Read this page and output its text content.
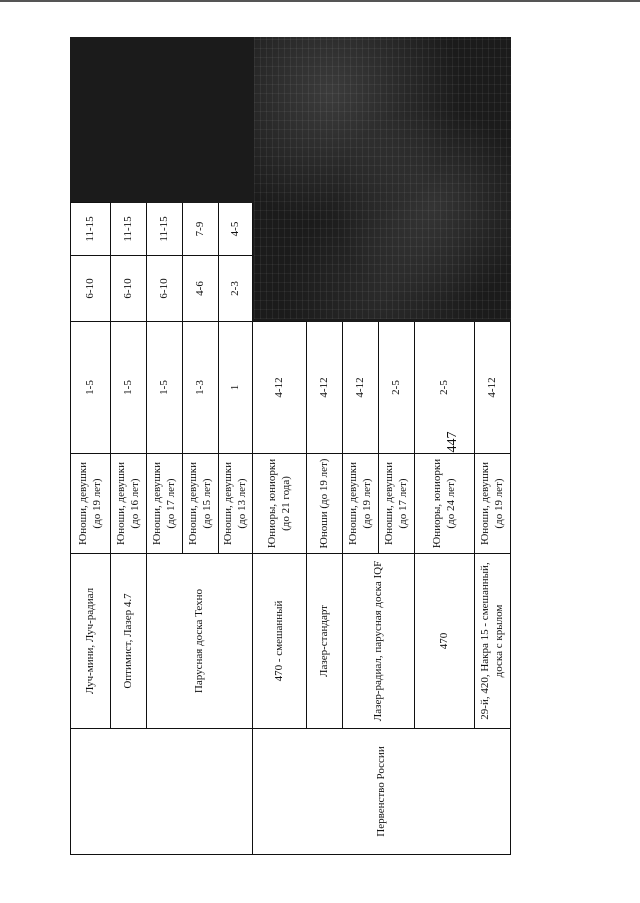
447
	Луч-мини, Луч-радиал	Юноши, девушки (до 19 лет)	1-5	6-10	11-15	
	Оптимист, Лазер 4.7	Юноши, девушки (до 16 лет)	1-5	6-10	11-15	
	Парусная доска Техно	Юноши, девушки (до 17 лет)	1-5	6-10	11-15	
		Юноши, девушки (до 15 лет)	1-3	4-6	7-9	
		Юноши, девушки (до 13 лет)	1	2-3	4-5	
Первенство России	470 - смешанный	Юниоры, юниорки (до 21 года)	4-12			
	Лазер-стандарт	Юноши (до 19 лет)	4-12			
	Лазер-радиал, парусная доска IQF	Юноши, девушки (до 19 лет)	4-12			
		Юноши, девушки (до 17 лет)	2-5			
	470	Юниоры, юниорки (до 24 лет)	2-5			
	29-й, 420, Накра 15 - смешанный, доска с крылом	Юноши, девушки (до 19 лет)	4-12			
